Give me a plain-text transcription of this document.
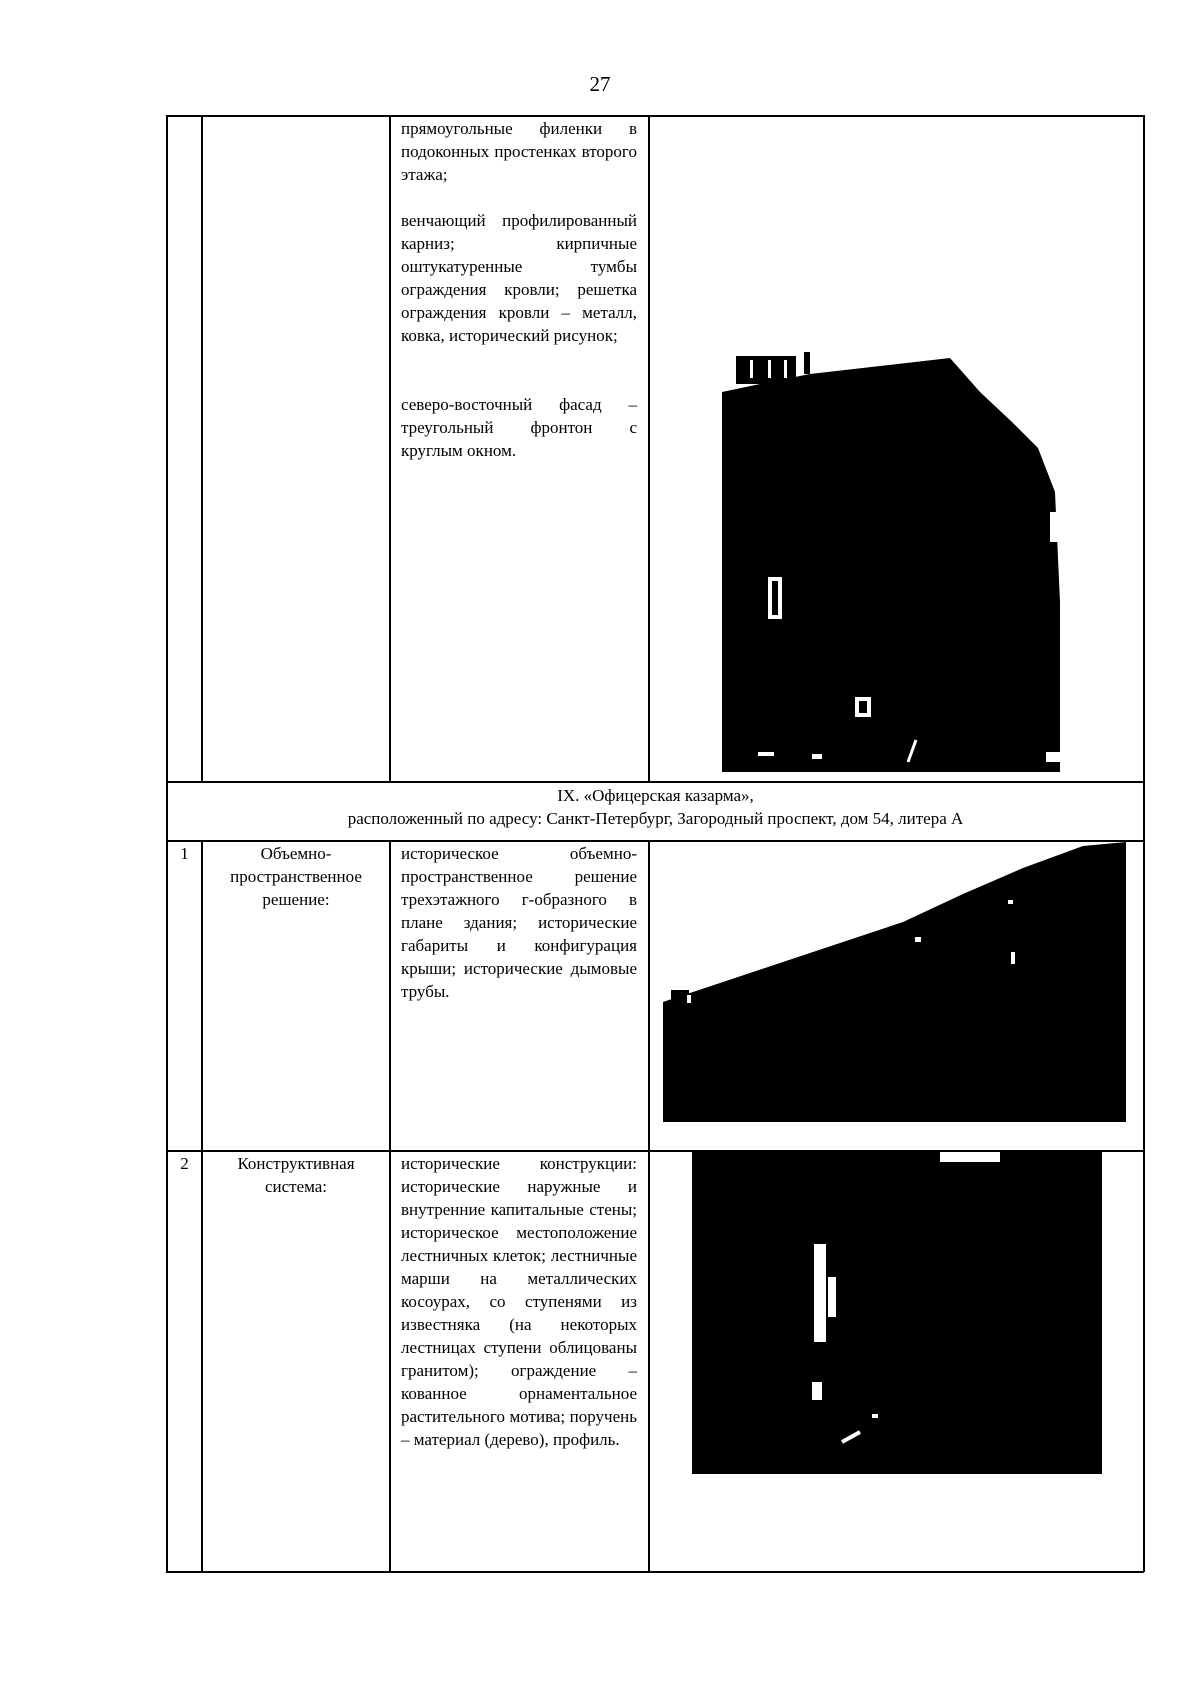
27
прямоугольные филенки в подоконных простенках второго этажа;
венчающий профилированный карниз; кирпичные оштукатуренные тумбы ограждения кровли; решетка ограждения кровли – металл, ковка, исторический рисунок;
северо-восточный фасад – треугольный фронтон с круглым окном.
IX. «Офицерская казарма»,
расположенный по адресу: Санкт-Петербург, Загородный проспект, дом 54, литера А
1	Объемно-пространственное решение:
историческое объемно-пространственное решение трехэтажного г-образного в плане здания; исторические габариты и конфигурация крыши; исторические дымовые трубы.
2	Конструктивная система:
исторические конструкции: исторические наружные и внутренние капитальные стены; историческое местоположение лестничных клеток; лестничные марши на металлических косоурах, со ступенями из известняка (на некоторых лестницах ступени облицованы гранитом); ограждение – кованное орнаментальное растительного мотива; поручень – материал (дерево), профиль.
